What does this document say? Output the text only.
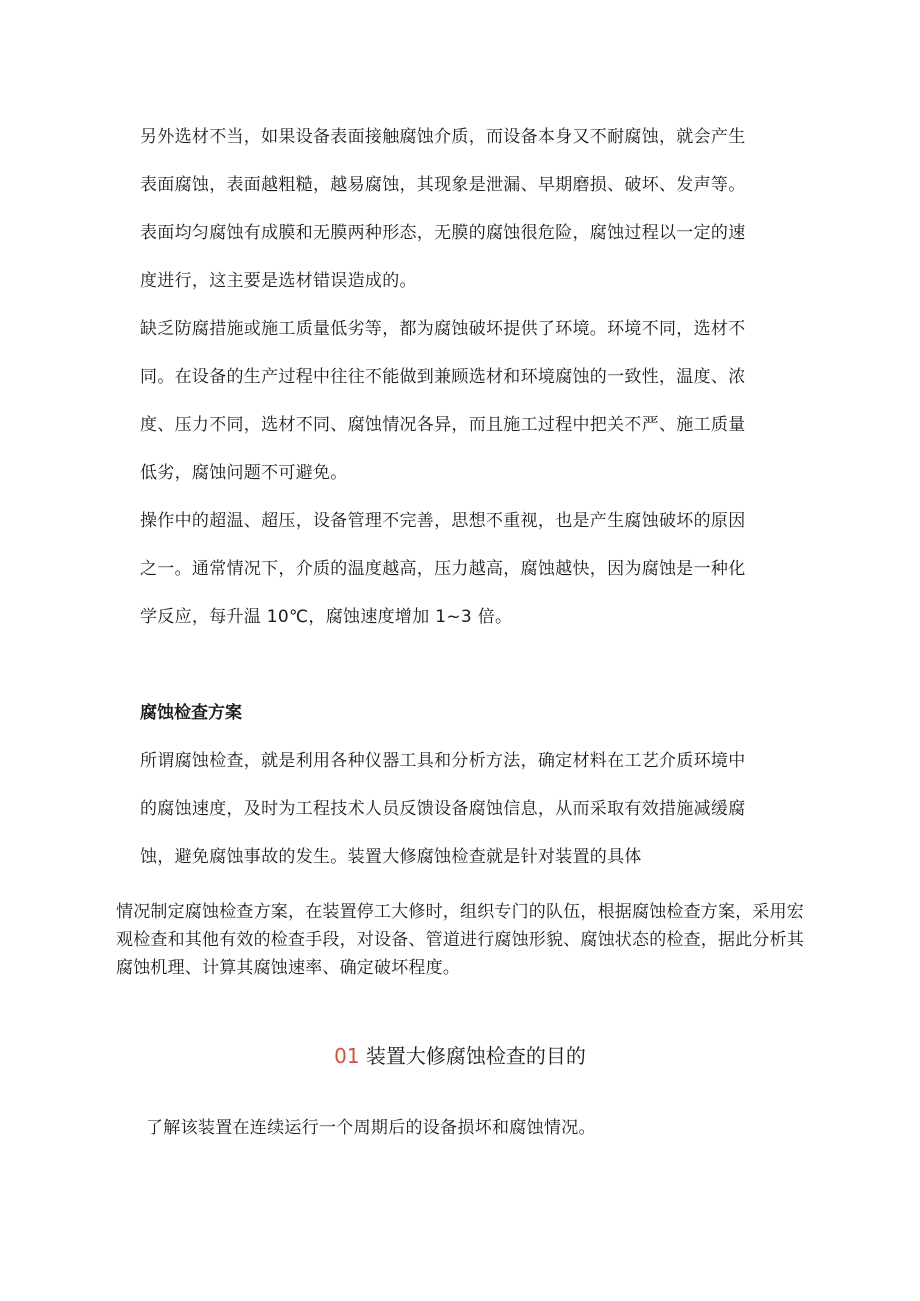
另外选材不当，如果设备表面接触腐蚀介质，而设备本身又不耐腐蚀，就会产生
表面腐蚀，表面越粗糙，越易腐蚀，其现象是泄漏、早期磨损、破坏、发声等。
表面均匀腐蚀有成膜和无膜两种形态，无膜的腐蚀很危险，腐蚀过程以一定的速
度进行，这主要是选材错误造成的。
缺乏防腐措施或施工质量低劣等，都为腐蚀破坏提供了环境。环境不同，选材不
同。在设备的生产过程中往往不能做到兼顾选材和环境腐蚀的一致性，温度、浓
度、压力不同，选材不同、腐蚀情况各异，而且施工过程中把关不严、施工质量
低劣，腐蚀问题不可避免。
操作中的超温、超压，设备管理不完善，思想不重视，也是产生腐蚀破坏的原因
之一。通常情况下，介质的温度越高，压力越高，腐蚀越快，因为腐蚀是一种化
学反应，每升温 10℃，腐蚀速度增加 1~3 倍。
腐蚀检查方案
所谓腐蚀检查，就是利用各种仪器工具和分析方法，确定材料在工艺介质环境中
的腐蚀速度，及时为工程技术人员反馈设备腐蚀信息，从而采取有效措施减缓腐
蚀，避免腐蚀事故的发生。装置大修腐蚀检查就是针对装置的具体

情况制定腐蚀检查方案，在装置停工大修时，组织专门的队伍，根据腐蚀检查方案，采用宏观检查和其他有效的检查手段，对设备、管道进行腐蚀形貌、腐蚀状态的检查，据此分析其腐蚀机理、计算其腐蚀速率、确定破坏程度。

01 装置大修腐蚀检查的目的
了解该装置在连续运行一个周期后的设备损坏和腐蚀情况。
